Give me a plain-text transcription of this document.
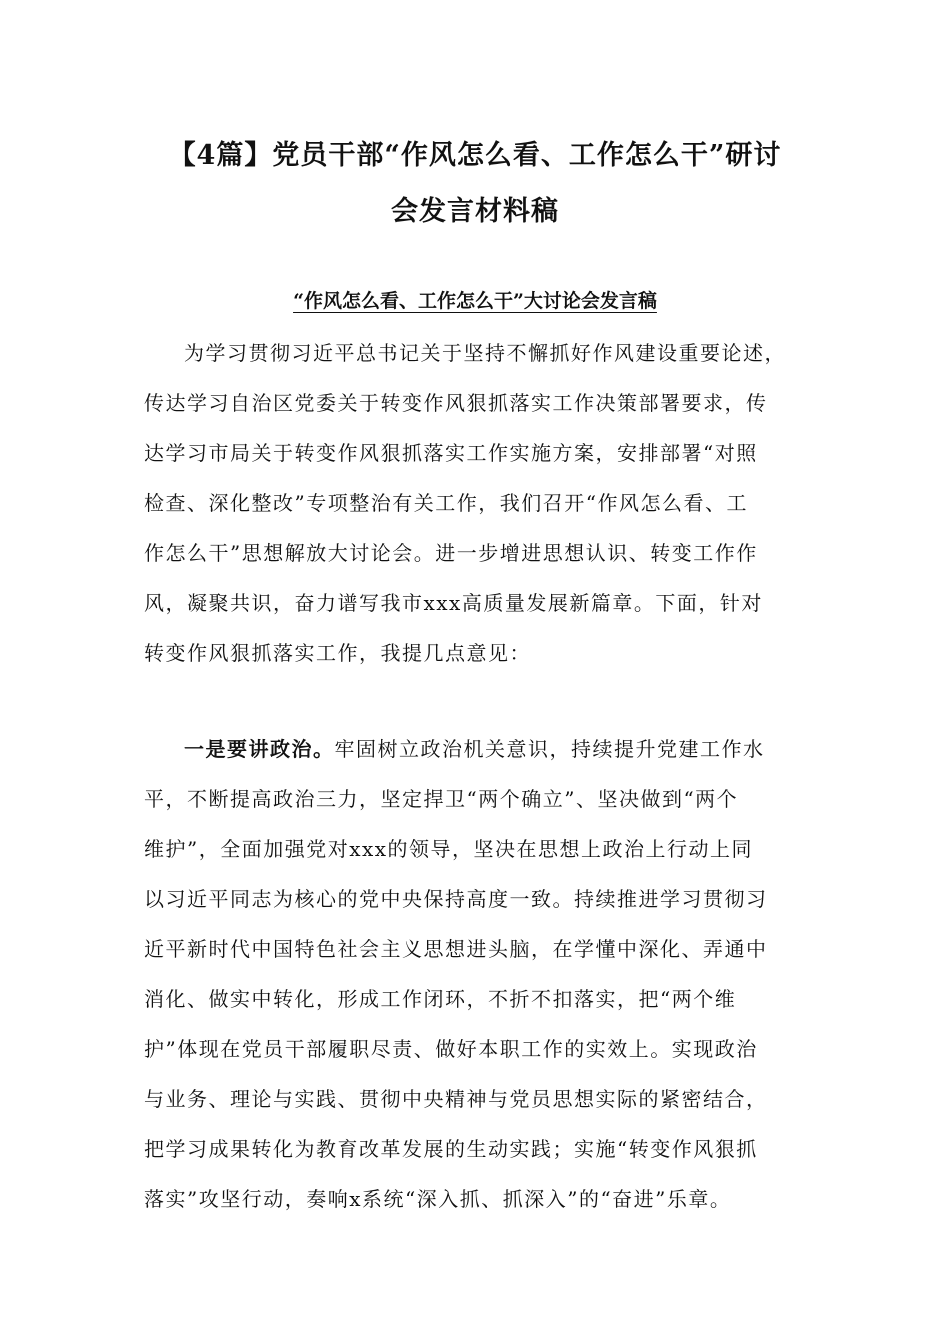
【4篇】党员干部“作风怎么看、工作怎么干”研讨
会发言材料稿
“作风怎么看、工作怎么干”大讨论会发言稿

为学习贯彻习近平总书记关于坚持不懈抓好作风建设重要论述，
传达学习自治区党委关于转变作风狠抓落实工作决策部署要求，传
达学习市局关于转变作风狠抓落实工作实施方案，安排部署“对照
检查、深化整改”专项整治有关工作，我们召开“作风怎么看、工
作怎么干”思想解放大讨论会。进一步增进思想认识、转变工作作
风，凝聚共识，奋力谱写我市xxx高质量发展新篇章。下面，针对
转变作风狠抓落实工作，我提几点意见：

一是要讲政治。牢固树立政治机关意识，持续提升党建工作水
平，不断提高政治三力，坚定捍卫“两个确立”、坚决做到“两个
维护”，全面加强党对xxx的领导，坚决在思想上政治上行动上同
以习近平同志为核心的党中央保持高度一致。持续推进学习贯彻习
近平新时代中国特色社会主义思想进头脑，在学懂中深化、弄通中
消化、做实中转化，形成工作闭环，不折不扣落实，把“两个维
护”体现在党员干部履职尽责、做好本职工作的实效上。实现政治
与业务、理论与实践、贯彻中央精神与党员思想实际的紧密结合，
把学习成果转化为教育改革发展的生动实践；实施“转变作风狠抓
落实”攻坚行动，奏响x系统“深入抓、抓深入”的“奋进”乐章。
